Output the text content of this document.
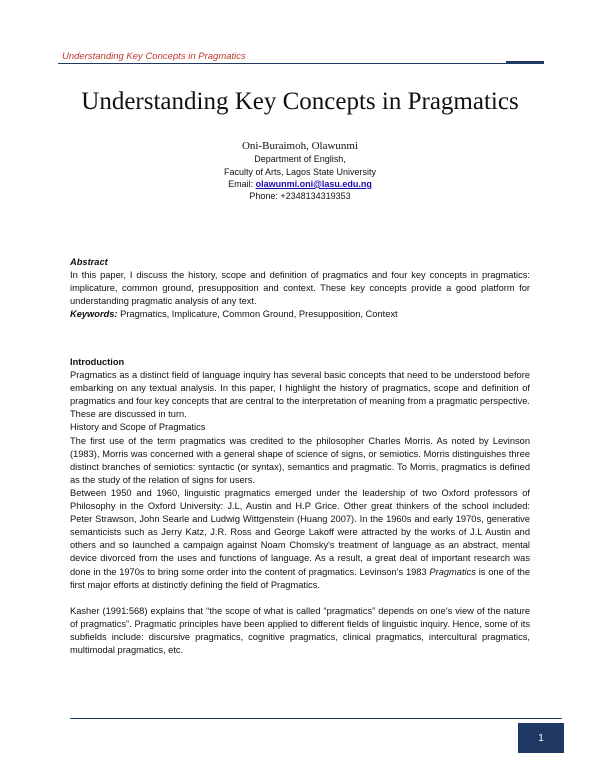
Understanding Key Concepts in Pragmatics
Understanding Key Concepts in Pragmatics
Oni-Buraimoh, Olawunmi
Department of English,
Faculty of Arts, Lagos State University
Email: olawunmi.oni@lasu.edu.ng
Phone: +2348134319353
Abstract

In this paper, I discuss the history, scope and definition of pragmatics and four key concepts in pragmatics: implicature, common ground, presupposition and context. These key concepts provide a good platform for understanding pragmatic analysis of any text.

Keywords: Pragmatics, Implicature, Common Ground, Presupposition, Context

Introduction

Pragmatics as a distinct field of language inquiry has several basic concepts that need to be understood before embarking on any textual analysis. In this paper, I highlight the history of pragmatics, scope and definition of pragmatics and four key concepts that are central to the interpretation of meaning from a pragmatic perspective. These are discussed in turn.

History and Scope of Pragmatics

The first use of the term pragmatics was credited to the philosopher Charles Morris. As noted by Levinson (1983), Morris was concerned with a general shape of science of signs, or semiotics. Morris distinguishes three distinct branches of semiotics: syntactic (or syntax), semantics and pragmatic. To Morris, pragmatics is defined as the study of the relation of signs for users.

Between 1950 and 1960, linguistic pragmatics emerged under the leadership of two Oxford professors of Philosophy in the Oxford University: J.L, Austin and H.P Grice. Other great thinkers of the school included: Peter Strawson, John Searle and Ludwig Wittgenstein (Huang 2007). In the 1960s and early 1970s, generative semanticists such as Jerry Katz, J.R. Ross and George Lakoff were attracted by the works of J.L Austin and others and so launched a campaign against Noam Chomsky's treatment of language as an abstract, mental device divorced from the uses and functions of language. As a result, a great deal of important research was done in the 1970s to bring some order into the content of pragmatics. Levinson's 1983 Pragmatics is one of the first major efforts at distinctly defining the field of Pragmatics.

Kasher (1991:568) explains that “the scope of what is called “pragmatics” depends on one's view of the nature of pragmatics”. Pragmatic principles have been applied to different fields of linguistic inquiry. Hence, some of its subfields include: discursive pragmatics, cognitive pragmatics, clinical pragmatics, intercultural pragmatics, multimodal pragmatics, etc.

1
